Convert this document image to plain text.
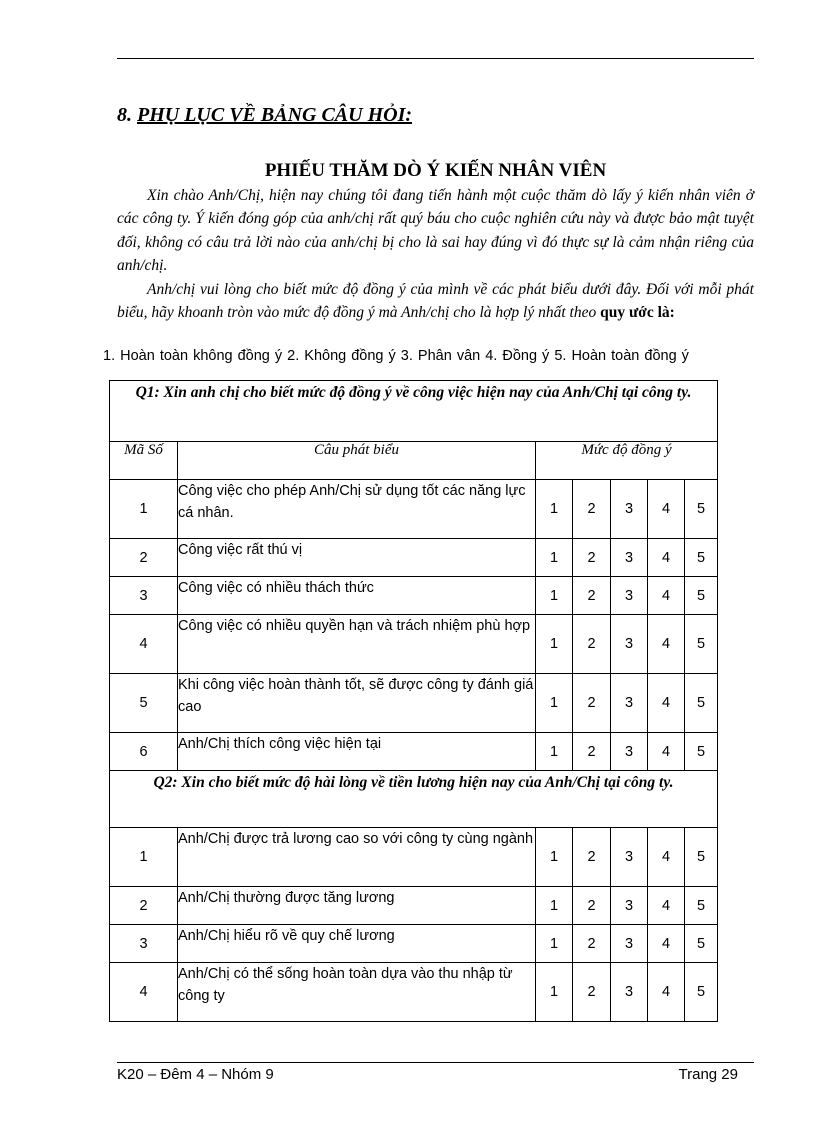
8. PHỤ LỤC VỀ BẢNG CÂU HỎI:
PHIẾU THĂM DÒ Ý KIẾN NHÂN VIÊN

Xin chào Anh/Chị, hiện nay chúng tôi đang tiến hành một cuộc thăm dò lấy ý kiến nhân viên ở các công ty. Ý kiến đóng góp của anh/chị rất quý báu cho cuộc nghiên cứu này và được bảo mật tuyệt đối, không có câu trả lời nào của anh/chị bị cho là sai hay đúng vì đó thực sự là cảm nhận riêng của anh/chị.

Anh/chị vui lòng cho biết mức độ đồng ý của mình về các phát biểu dưới đây. Đối với mỗi phát biểu, hãy khoanh tròn vào mức độ đồng ý mà Anh/chị cho là hợp lý nhất theo quy ước là:

1. Hoàn toàn không đồng ý 2. Không đồng ý 3. Phân vân 4. Đồng ý 5. Hoàn toàn đồng ý
Q1: Xin anh chị cho biết mức độ đồng ý về công việc hiện nay của Anh/Chị tại công ty.						
Mã Số	Câu phát biểu	Mức độ đồng ý				
1	Công việc cho phép Anh/Chị sử dụng tốt các năng lực cá nhân.	1	2	3	4	5
2	Công việc rất thú vị	1	2	3	4	5
3	Công việc có nhiều thách thức	1	2	3	4	5
4	Công việc có nhiều quyền hạn và trách nhiệm phù hợp	1	2	3	4	5
5	Khi công việc hoàn thành tốt, sẽ được công ty đánh giá cao	1	2	3	4	5
6	Anh/Chị thích công việc hiện tại	1	2	3	4	5
Q2: Xin cho biết mức độ hài lòng về tiền lương hiện nay của Anh/Chị tại công ty.						
1	Anh/Chị được trả lương cao so với công ty cùng ngành	1	2	3	4	5
2	Anh/Chị thường được tăng lương	1	2	3	4	5
3	Anh/Chị hiểu rõ về quy chế lương	1	2	3	4	5
4	Anh/Chị có thể sống hoàn toàn dựa vào thu nhập từ công ty	1	2	3	4	5
K20 – Đêm 4 – Nhóm 9	Trang 29
